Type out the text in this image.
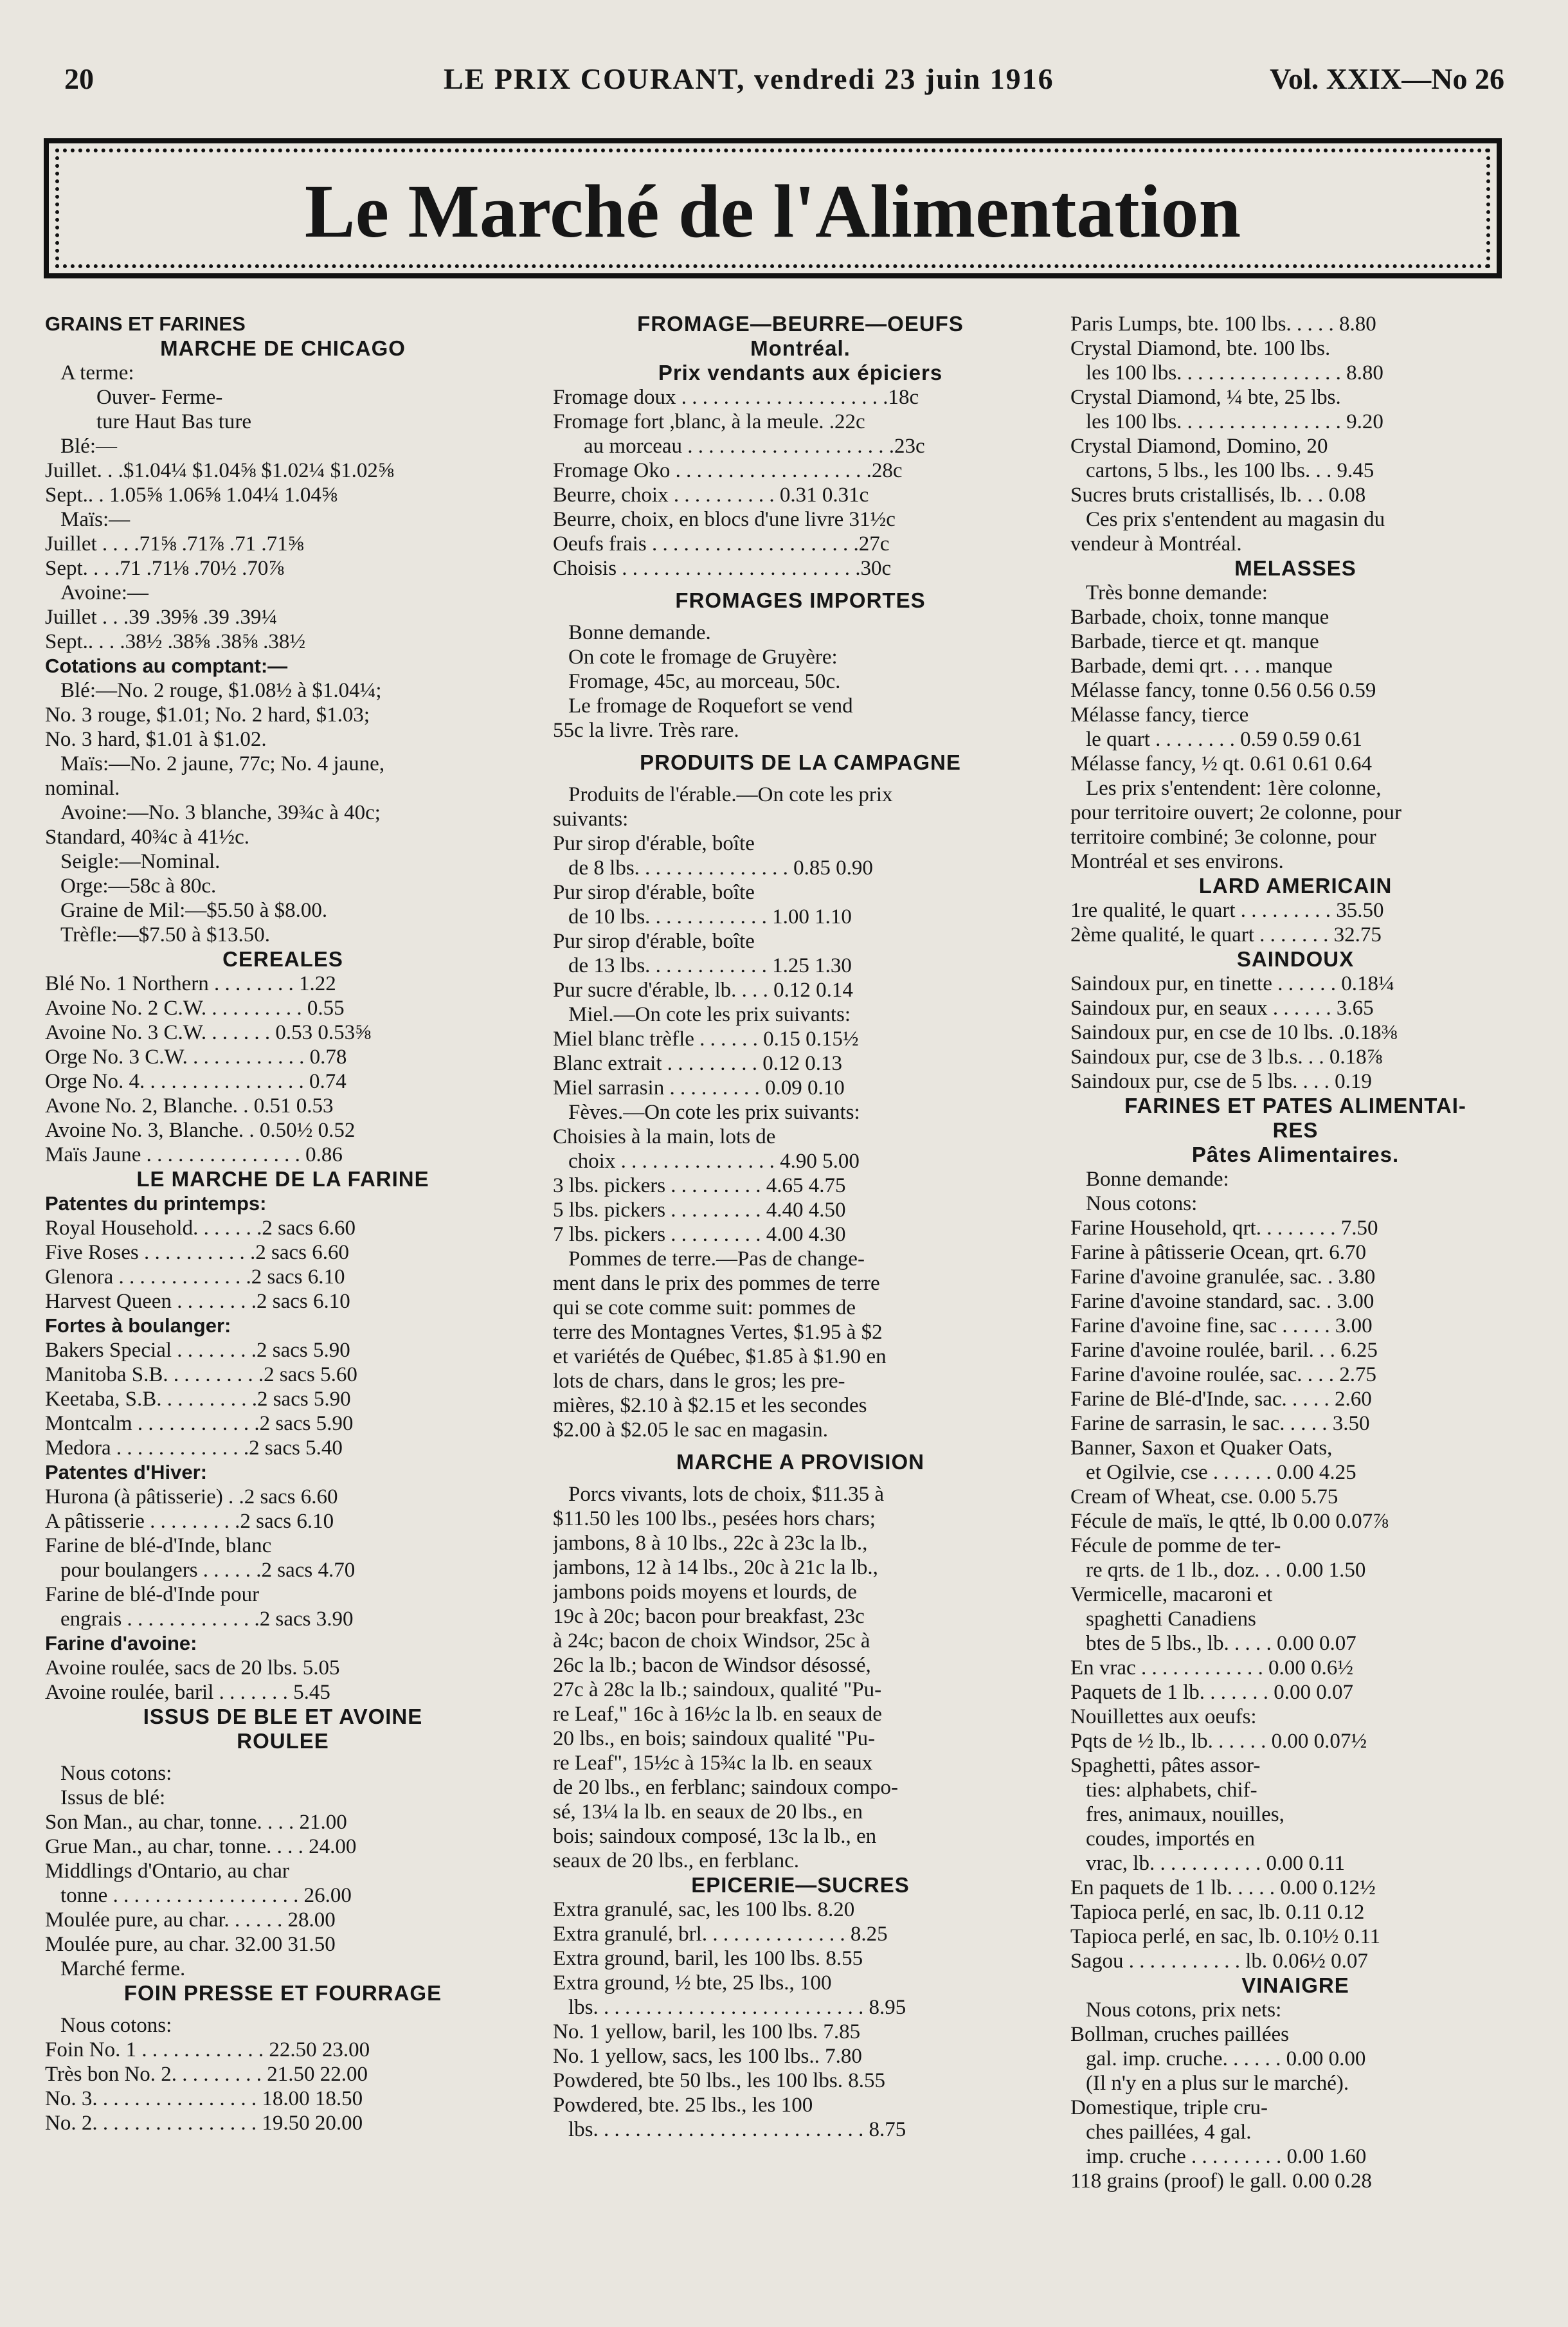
20	LE PRIX COURANT, vendredi 23 juin 1916	Vol. XXIX—No 26
Le Marché de l'Alimentation
GRAINS ET FARINES
MARCHE DE CHICAGO
A terme:
Ouver- Ferme-
ture Haut Bas ture
Blé:—
Juillet. . .$1.04¼ $1.04⅝ $1.02¼ $1.02⅝
Sept.. . 1.05⅝ 1.06⅝ 1.04¼ 1.04⅝
Maïs:—
Juillet . . . .71⅝ .71⅞ .71 .71⅝
Sept. . . .71 .71⅛ .70½ .70⅞
Avoine:—
Juillet . . .39 .39⅝ .39 .39¼
Sept.. . . .38½ .38⅝ .38⅝ .38½
Cotations au comptant:—
Blé:—No. 2 rouge, $1.08½ à $1.04¼;
No. 3 rouge, $1.01; No. 2 hard, $1.03;
No. 3 hard, $1.01 à $1.02.
Maïs:—No. 2 jaune, 77c; No. 4 jaune,
nominal.
Avoine:—No. 3 blanche, 39¾c à 40c;
Standard, 40¾c à 41½c.
Seigle:—Nominal.
Orge:—58c à 80c.
Graine de Mil:—$5.50 à $8.00.
Trèfle:—$7.50 à $13.50.
CEREALES
Blé No. 1 Northern . . . . . . . . 1.22
Avoine No. 2 C.W. . . . . . . . . . 0.55
Avoine No. 3 C.W. . . . . . . 0.53 0.53⅝
Orge No. 3 C.W. . . . . . . . . . . . 0.78
Orge No. 4. . . . . . . . . . . . . . . . 0.74
Avone No. 2, Blanche. . 0.51 0.53
Avoine No. 3, Blanche. . 0.50½ 0.52
Maïs Jaune . . . . . . . . . . . . . . . 0.86
LE MARCHE DE LA FARINE
Patentes du printemps:
Royal Household. . . . . . .2 sacs 6.60
Five Roses . . . . . . . . . . .2 sacs 6.60
Glenora . . . . . . . . . . . . .2 sacs 6.10
Harvest Queen . . . . . . . .2 sacs 6.10
Fortes à boulanger:
Bakers Special . . . . . . . .2 sacs 5.90
Manitoba S.B. . . . . . . . . .2 sacs 5.60
Keetaba, S.B. . . . . . . . . .2 sacs 5.90
Montcalm . . . . . . . . . . . .2 sacs 5.90
Medora . . . . . . . . . . . . .2 sacs 5.40
Patentes d'Hiver:
Hurona (à pâtisserie) . .2 sacs 6.60
A pâtisserie . . . . . . . . .2 sacs 6.10
Farine de blé-d'Inde, blanc
pour boulangers . . . . . .2 sacs 4.70
Farine de blé-d'Inde pour
engrais . . . . . . . . . . . . .2 sacs 3.90
Farine d'avoine:
Avoine roulée, sacs de 20 lbs. 5.05
Avoine roulée, baril . . . . . . . 5.45
ISSUS DE BLE ET AVOINE
ROULEE
Nous cotons:
Issus de blé:
Son Man., au char, tonne. . . . 21.00
Grue Man., au char, tonne. . . . 24.00
Middlings d'Ontario, au char
tonne . . . . . . . . . . . . . . . . . . 26.00
Moulée pure, au char. . . . . . 28.00
Moulée pure, au char. 32.00 31.50
Marché ferme.
FOIN PRESSE ET FOURRAGE
Nous cotons:
Foin No. 1 . . . . . . . . . . . . 22.50 23.00
Très bon No. 2. . . . . . . . . 21.50 22.00
No. 3. . . . . . . . . . . . . . . . 18.00 18.50
No. 2. . . . . . . . . . . . . . . . 19.50 20.00
FROMAGE—BEURRE—OEUFS
Montréal.
Prix vendants aux épiciers
Fromage doux . . . . . . . . . . . . . . . . . . . .18c
Fromage fort ,blanc, à la meule. .22c
au morceau . . . . . . . . . . . . . . . . . . . .23c
Fromage Oko . . . . . . . . . . . . . . . . . . .28c
Beurre, choix . . . . . . . . . . 0.31 0.31c
Beurre, choix, en blocs d'une livre 31½c
Oeufs frais . . . . . . . . . . . . . . . . . . . .27c
Choisis . . . . . . . . . . . . . . . . . . . . . . .30c
FROMAGES IMPORTES
Bonne demande.
On cote le fromage de Gruyère:
Fromage, 45c, au morceau, 50c.
Le fromage de Roquefort se vend
55c la livre. Très rare.
PRODUITS DE LA CAMPAGNE
Produits de l'érable.—On cote les prix
suivants:
Pur sirop d'érable, boîte
de 8 lbs. . . . . . . . . . . . . . . 0.85 0.90
Pur sirop d'érable, boîte
de 10 lbs. . . . . . . . . . . . 1.00 1.10
Pur sirop d'érable, boîte
de 13 lbs. . . . . . . . . . . . 1.25 1.30
Pur sucre d'érable, lb. . . . 0.12 0.14
Miel.—On cote les prix suivants:
Miel blanc trèfle . . . . . . 0.15 0.15½
Blanc extrait . . . . . . . . . 0.12 0.13
Miel sarrasin . . . . . . . . . 0.09 0.10
Fèves.—On cote les prix suivants:
Choisies à la main, lots de
choix . . . . . . . . . . . . . . . 4.90 5.00
3 lbs. pickers . . . . . . . . . 4.65 4.75
5 lbs. pickers . . . . . . . . . 4.40 4.50
7 lbs. pickers . . . . . . . . . 4.00 4.30
Pommes de terre.—Pas de change-
ment dans le prix des pommes de terre
qui se cote comme suit: pommes de
terre des Montagnes Vertes, $1.95 à $2
et variétés de Québec, $1.85 à $1.90 en
lots de chars, dans le gros; les pre-
mières, $2.10 à $2.15 et les secondes
$2.00 à $2.05 le sac en magasin.
MARCHE A PROVISION
Porcs vivants, lots de choix, $11.35 à
$11.50 les 100 lbs., pesées hors chars;
jambons, 8 à 10 lbs., 22c à 23c la lb.,
jambons, 12 à 14 lbs., 20c à 21c la lb.,
jambons poids moyens et lourds, de
19c à 20c; bacon pour breakfast, 23c
à 24c; bacon de choix Windsor, 25c à
26c la lb.; bacon de Windsor désossé,
27c à 28c la lb.; saindoux, qualité "Pu-
re Leaf," 16c à 16½c la lb. en seaux de
20 lbs., en bois; saindoux qualité "Pu-
re Leaf", 15½c à 15¾c la lb. en seaux
de 20 lbs., en ferblanc; saindoux compo-
sé, 13¼ la lb. en seaux de 20 lbs., en
bois; saindoux composé, 13c la lb., en
seaux de 20 lbs., en ferblanc.
EPICERIE—SUCRES
Extra granulé, sac, les 100 lbs. 8.20
Extra granulé, brl. . . . . . . . . . . . . . 8.25
Extra ground, baril, les 100 lbs. 8.55
Extra ground, ½ bte, 25 lbs., 100
lbs. . . . . . . . . . . . . . . . . . . . . . . . . . 8.95
No. 1 yellow, baril, les 100 lbs. 7.85
No. 1 yellow, sacs, les 100 lbs.. 7.80
Powdered, bte 50 lbs., les 100 lbs. 8.55
Powdered, bte. 25 lbs., les 100
lbs. . . . . . . . . . . . . . . . . . . . . . . . . . 8.75
Paris Lumps, bte. 100 lbs. . . . . 8.80
Crystal Diamond, bte. 100 lbs.
les 100 lbs. . . . . . . . . . . . . . . . 8.80
Crystal Diamond, ¼ bte, 25 lbs.
les 100 lbs. . . . . . . . . . . . . . . . 9.20
Crystal Diamond, Domino, 20
cartons, 5 lbs., les 100 lbs. . . 9.45
Sucres bruts cristallisés, lb. . . 0.08
Ces prix s'entendent au magasin du
vendeur à Montréal.
MELASSES
Très bonne demande:
Barbade, choix, tonne manque
Barbade, tierce et qt. manque
Barbade, demi qrt. . . . manque
Mélasse fancy, tonne 0.56 0.56 0.59
Mélasse fancy, tierce
le quart . . . . . . . . 0.59 0.59 0.61
Mélasse fancy, ½ qt. 0.61 0.61 0.64
Les prix s'entendent: 1ère colonne,
pour territoire ouvert; 2e colonne, pour
territoire combiné; 3e colonne, pour
Montréal et ses environs.
LARD AMERICAIN
1re qualité, le quart . . . . . . . . . 35.50
2ème qualité, le quart . . . . . . . 32.75
SAINDOUX
Saindoux pur, en tinette . . . . . . 0.18¼
Saindoux pur, en seaux . . . . . . 3.65
Saindoux pur, en cse de 10 lbs. .0.18⅜
Saindoux pur, cse de 3 lb.s. . . 0.18⅞
Saindoux pur, cse de 5 lbs. . . . 0.19
FARINES ET PATES ALIMENTAI-
RES
Pâtes Alimentaires.
Bonne demande:
Nous cotons:
Farine Household, qrt. . . . . . . . 7.50
Farine à pâtisserie Ocean, qrt. 6.70
Farine d'avoine granulée, sac. . 3.80
Farine d'avoine standard, sac. . 3.00
Farine d'avoine fine, sac . . . . . 3.00
Farine d'avoine roulée, baril. . . 6.25
Farine d'avoine roulée, sac. . . . 2.75
Farine de Blé-d'Inde, sac. . . . . 2.60
Farine de sarrasin, le sac. . . . . 3.50
Banner, Saxon et Quaker Oats,
et Ogilvie, cse . . . . . . 0.00 4.25
Cream of Wheat, cse. 0.00 5.75
Fécule de maïs, le qtté, lb 0.00 0.07⅞
Fécule de pomme de ter-
re qrts. de 1 lb., doz. . . 0.00 1.50
Vermicelle, macaroni et
spaghetti Canadiens
btes de 5 lbs., lb. . . . . 0.00 0.07
En vrac . . . . . . . . . . . . 0.00 0.6½
Paquets de 1 lb. . . . . . . 0.00 0.07
Nouillettes aux oeufs:
Pqts de ½ lb., lb. . . . . . 0.00 0.07½
Spaghetti, pâtes assor-
ties: alphabets, chif-
fres, animaux, nouilles,
coudes, importés en
vrac, lb. . . . . . . . . . . 0.00 0.11
En paquets de 1 lb. . . . . 0.00 0.12½
Tapioca perlé, en sac, lb. 0.11 0.12
Tapioca perlé, en sac, lb. 0.10½ 0.11
Sagou . . . . . . . . . . . lb. 0.06½ 0.07
VINAIGRE
Nous cotons, prix nets:
Bollman, cruches paillées
gal. imp. cruche. . . . . . 0.00 0.00
(Il n'y en a plus sur le marché).
Domestique, triple cru-
ches paillées, 4 gal.
imp. cruche . . . . . . . . . 0.00 1.60
118 grains (proof) le gall. 0.00 0.28
